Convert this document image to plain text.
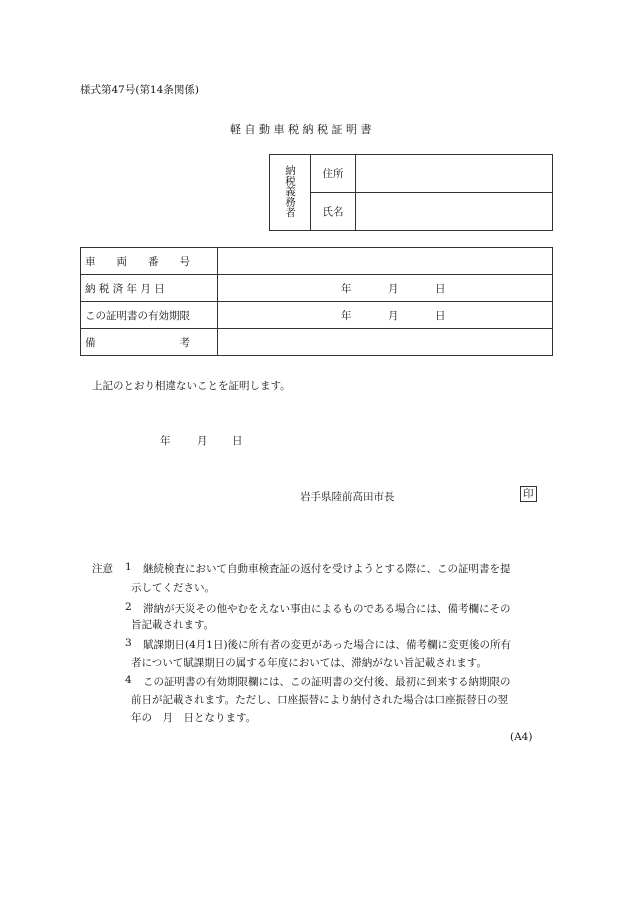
様式第47号(第14条関係)
軽 自 動 車 税 納 税 証 明 書
納税義務者	住所	
	氏名	
車　　両　　番　　号	
納 税 済 年 月 日	年 月 日

この証明書の有効期限	年 月 日

備　　　　　　　　考	
上記のとおり相違ないことを証明します。
年	月 日
岩手県陸前高田市長	印
注意 1 継続検査において自動車検査証の返付を受けようとする際に、この証明書を提
示してください。
2 滞納が天災その他やむをえない事由によるものである場合には、備考欄にその
旨記載されます。
3 賦課期日(4月1日)後に所有者の変更があった場合には、備考欄に変更後の所有
者について賦課期日の属する年度においては、滞納がない旨記載されます。
4 この証明書の有効期限欄には、この証明書の交付後、最初に到来する納期限の
前日が記載されます。ただし、口座振替により納付された場合は口座振替日の翌
年の　月　日となります。
(A4)
